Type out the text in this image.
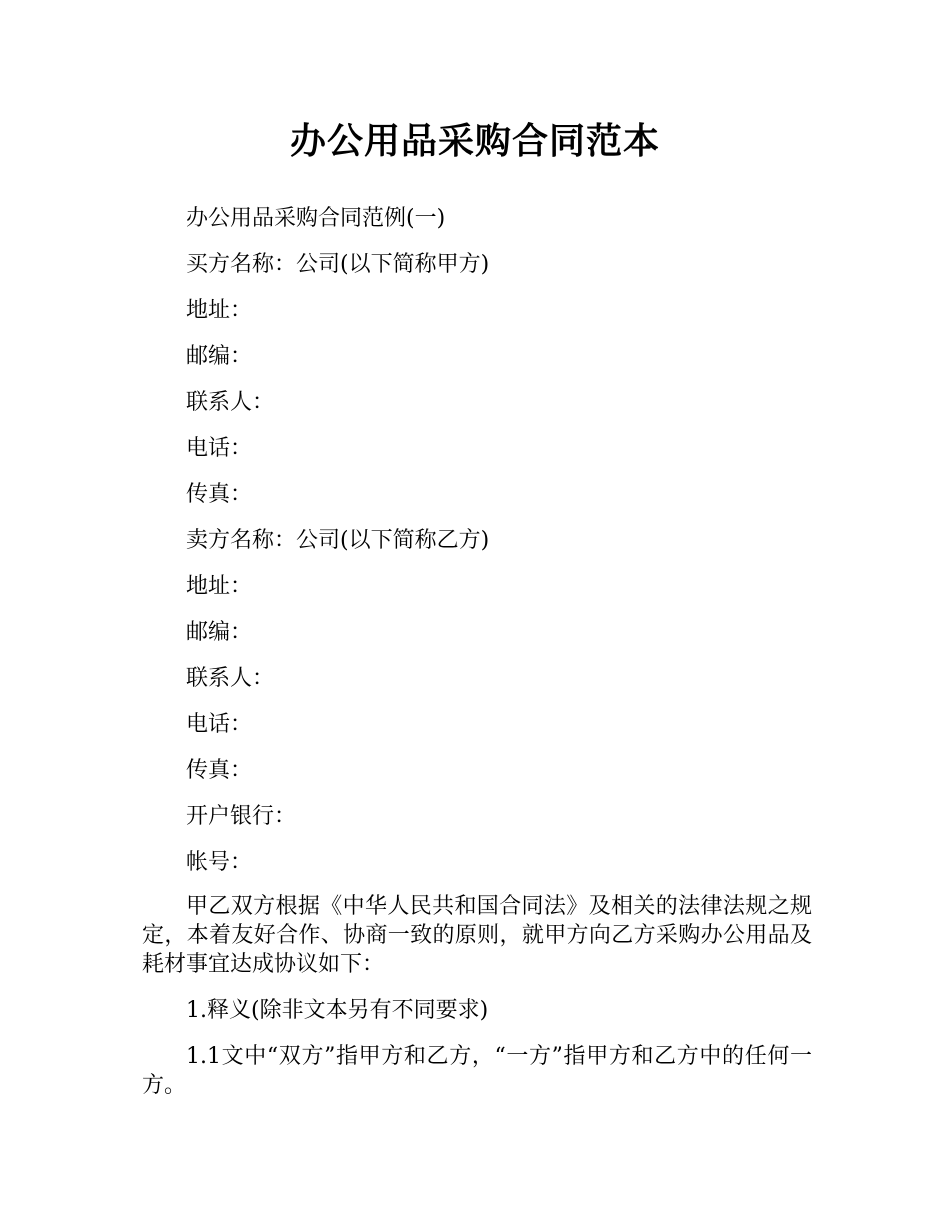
办公用品采购合同范本

办公用品采购合同范例(一)

买方名称：公司(以下简称甲方)

地址：

邮编：

联系人：

电话：

传真：

卖方名称：公司(以下简称乙方)

地址：

邮编：

联系人：

电话：

传真：

开户银行：

帐号：

甲乙双方根据《中华人民共和国合同法》及相关的法律法规之规定，本着友好合作、协商一致的原则，就甲方向乙方采购办公用品及耗材事宜达成协议如下：

1.释义(除非文本另有不同要求)

1.1文中“双方”指甲方和乙方，“一方”指甲方和乙方中的任何一方。
